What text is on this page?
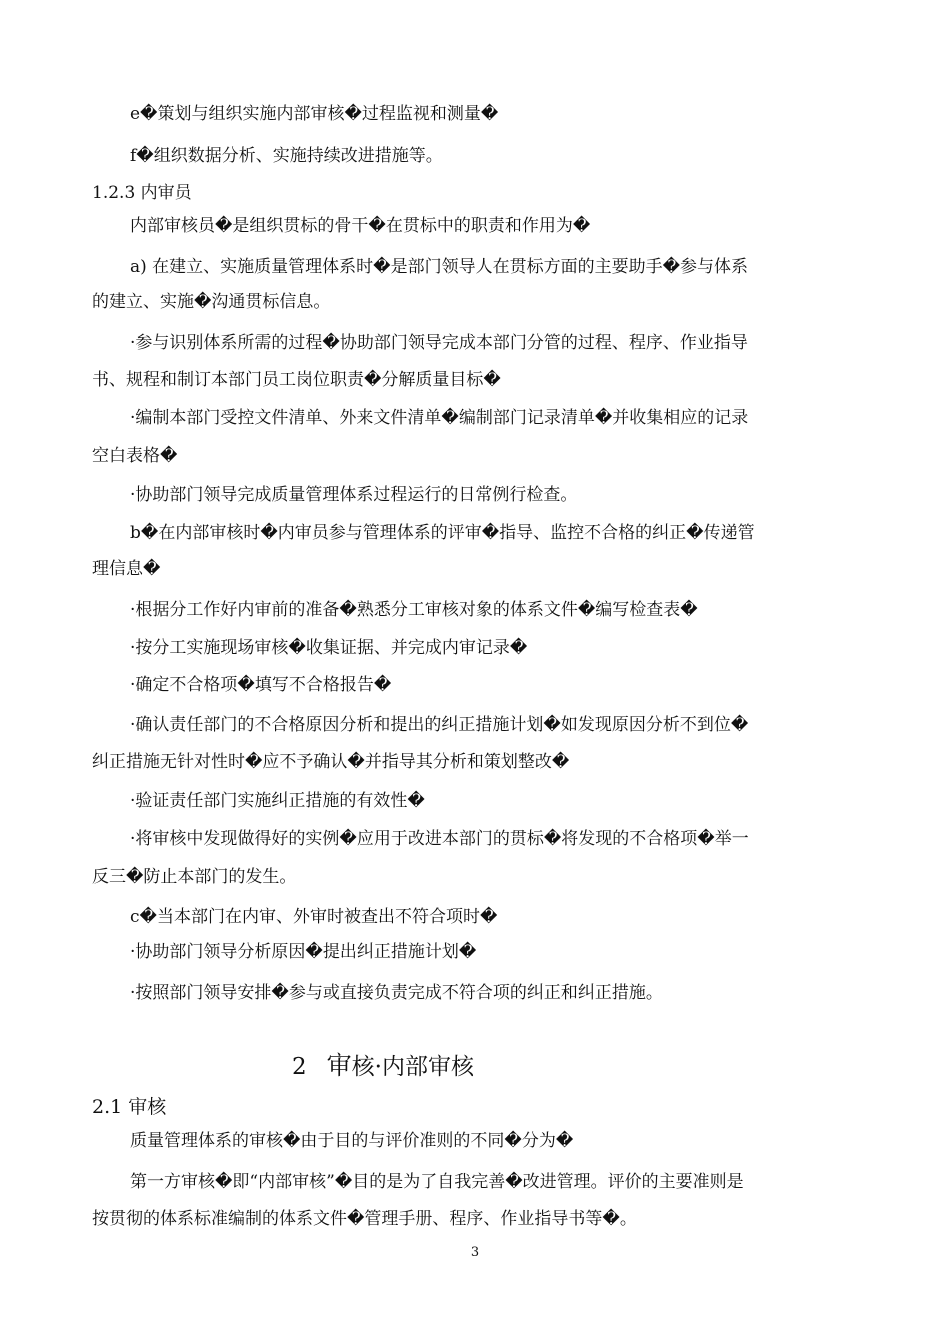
e�策划与组织实施内部审核�过程监视和测量�
f�组织数据分析、实施持续改进措施等。
1.2.3 内审员
内部审核员�是组织贯标的骨干�在贯标中的职责和作用为�
a) 在建立、实施质量管理体系时�是部门领导人在贯标方面的主要助手�参与体系
的建立、实施�沟通贯标信息。
·参与识别体系所需的过程�协助部门领导完成本部门分管的过程、程序、作业指导
书、规程和制订本部门员工岗位职责�分解质量目标�
·编制本部门受控文件清单、外来文件清单�编制部门记录清单�并收集相应的记录
空白表格�
·协助部门领导完成质量管理体系过程运行的日常例行检查。
b�在内部审核时�内审员参与管理体系的评审�指导、监控不合格的纠正�传递管
理信息�
·根据分工作好内审前的准备�熟悉分工审核对象的体系文件�编写检查表�
·按分工实施现场审核�收集证据、并完成内审记录�
·确定不合格项�填写不合格报告�
·确认责任部门的不合格原因分析和提出的纠正措施计划�如发现原因分析不到位�
纠正措施无针对性时�应不予确认�并指导其分析和策划整改�
·验证责任部门实施纠正措施的有效性�
·将审核中发现做得好的实例�应用于改进本部门的贯标�将发现的不合格项�举一
反三�防止本部门的发生。
c�当本部门在内审、外审时被查出不符合项时�
·协助部门领导分析原因�提出纠正措施计划�
·按照部门领导安排�参与或直接负责完成不符合项的纠正和纠正措施。
2 审核·内部审核
2.1 审核
质量管理体系的审核�由于目的与评价准则的不同�分为�
第一方审核�即“内部审核”�目的是为了自我完善�改进管理。评价的主要准则是
按贯彻的体系标准编制的体系文件�管理手册、程序、作业指导书等�。
3
